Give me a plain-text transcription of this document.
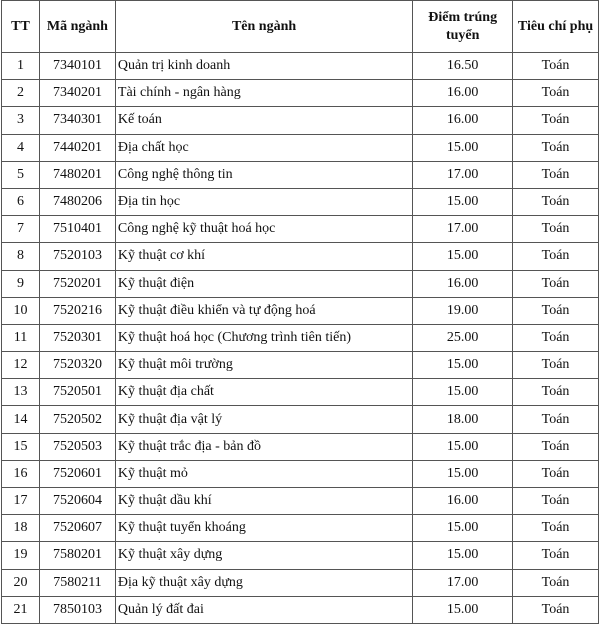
TT	Mã ngành	Tên ngành	Điểm trúng tuyển	Tiêu chí phụ
1	7340101	Quản trị kinh doanh	16.50	Toán
2	7340201	Tài chính - ngân hàng	16.00	Toán
3	7340301	Kế toán	16.00	Toán
4	7440201	Địa chất học	15.00	Toán
5	7480201	Công nghệ thông tin	17.00	Toán
6	7480206	Địa tin học	15.00	Toán
7	7510401	Công nghệ kỹ thuật hoá học	17.00	Toán
8	7520103	Kỹ thuật cơ khí	15.00	Toán
9	7520201	Kỹ thuật điện	16.00	Toán
10	7520216	Kỹ thuật điều khiển và tự động hoá	19.00	Toán
11	7520301	Kỹ thuật hoá học (Chương trình tiên tiến)	25.00	Toán
12	7520320	Kỹ thuật môi trường	15.00	Toán
13	7520501	Kỹ thuật địa chất	15.00	Toán
14	7520502	Kỹ thuật địa vật lý	18.00	Toán
15	7520503	Kỹ thuật trắc địa - bản đồ	15.00	Toán
16	7520601	Kỹ thuật mỏ	15.00	Toán
17	7520604	Kỹ thuật dầu khí	16.00	Toán
18	7520607	Kỹ thuật tuyển khoáng	15.00	Toán
19	7580201	Kỹ thuật xây dựng	15.00	Toán
20	7580211	Địa kỹ thuật xây dựng	17.00	Toán
21	7850103	Quản lý đất đai	15.00	Toán
